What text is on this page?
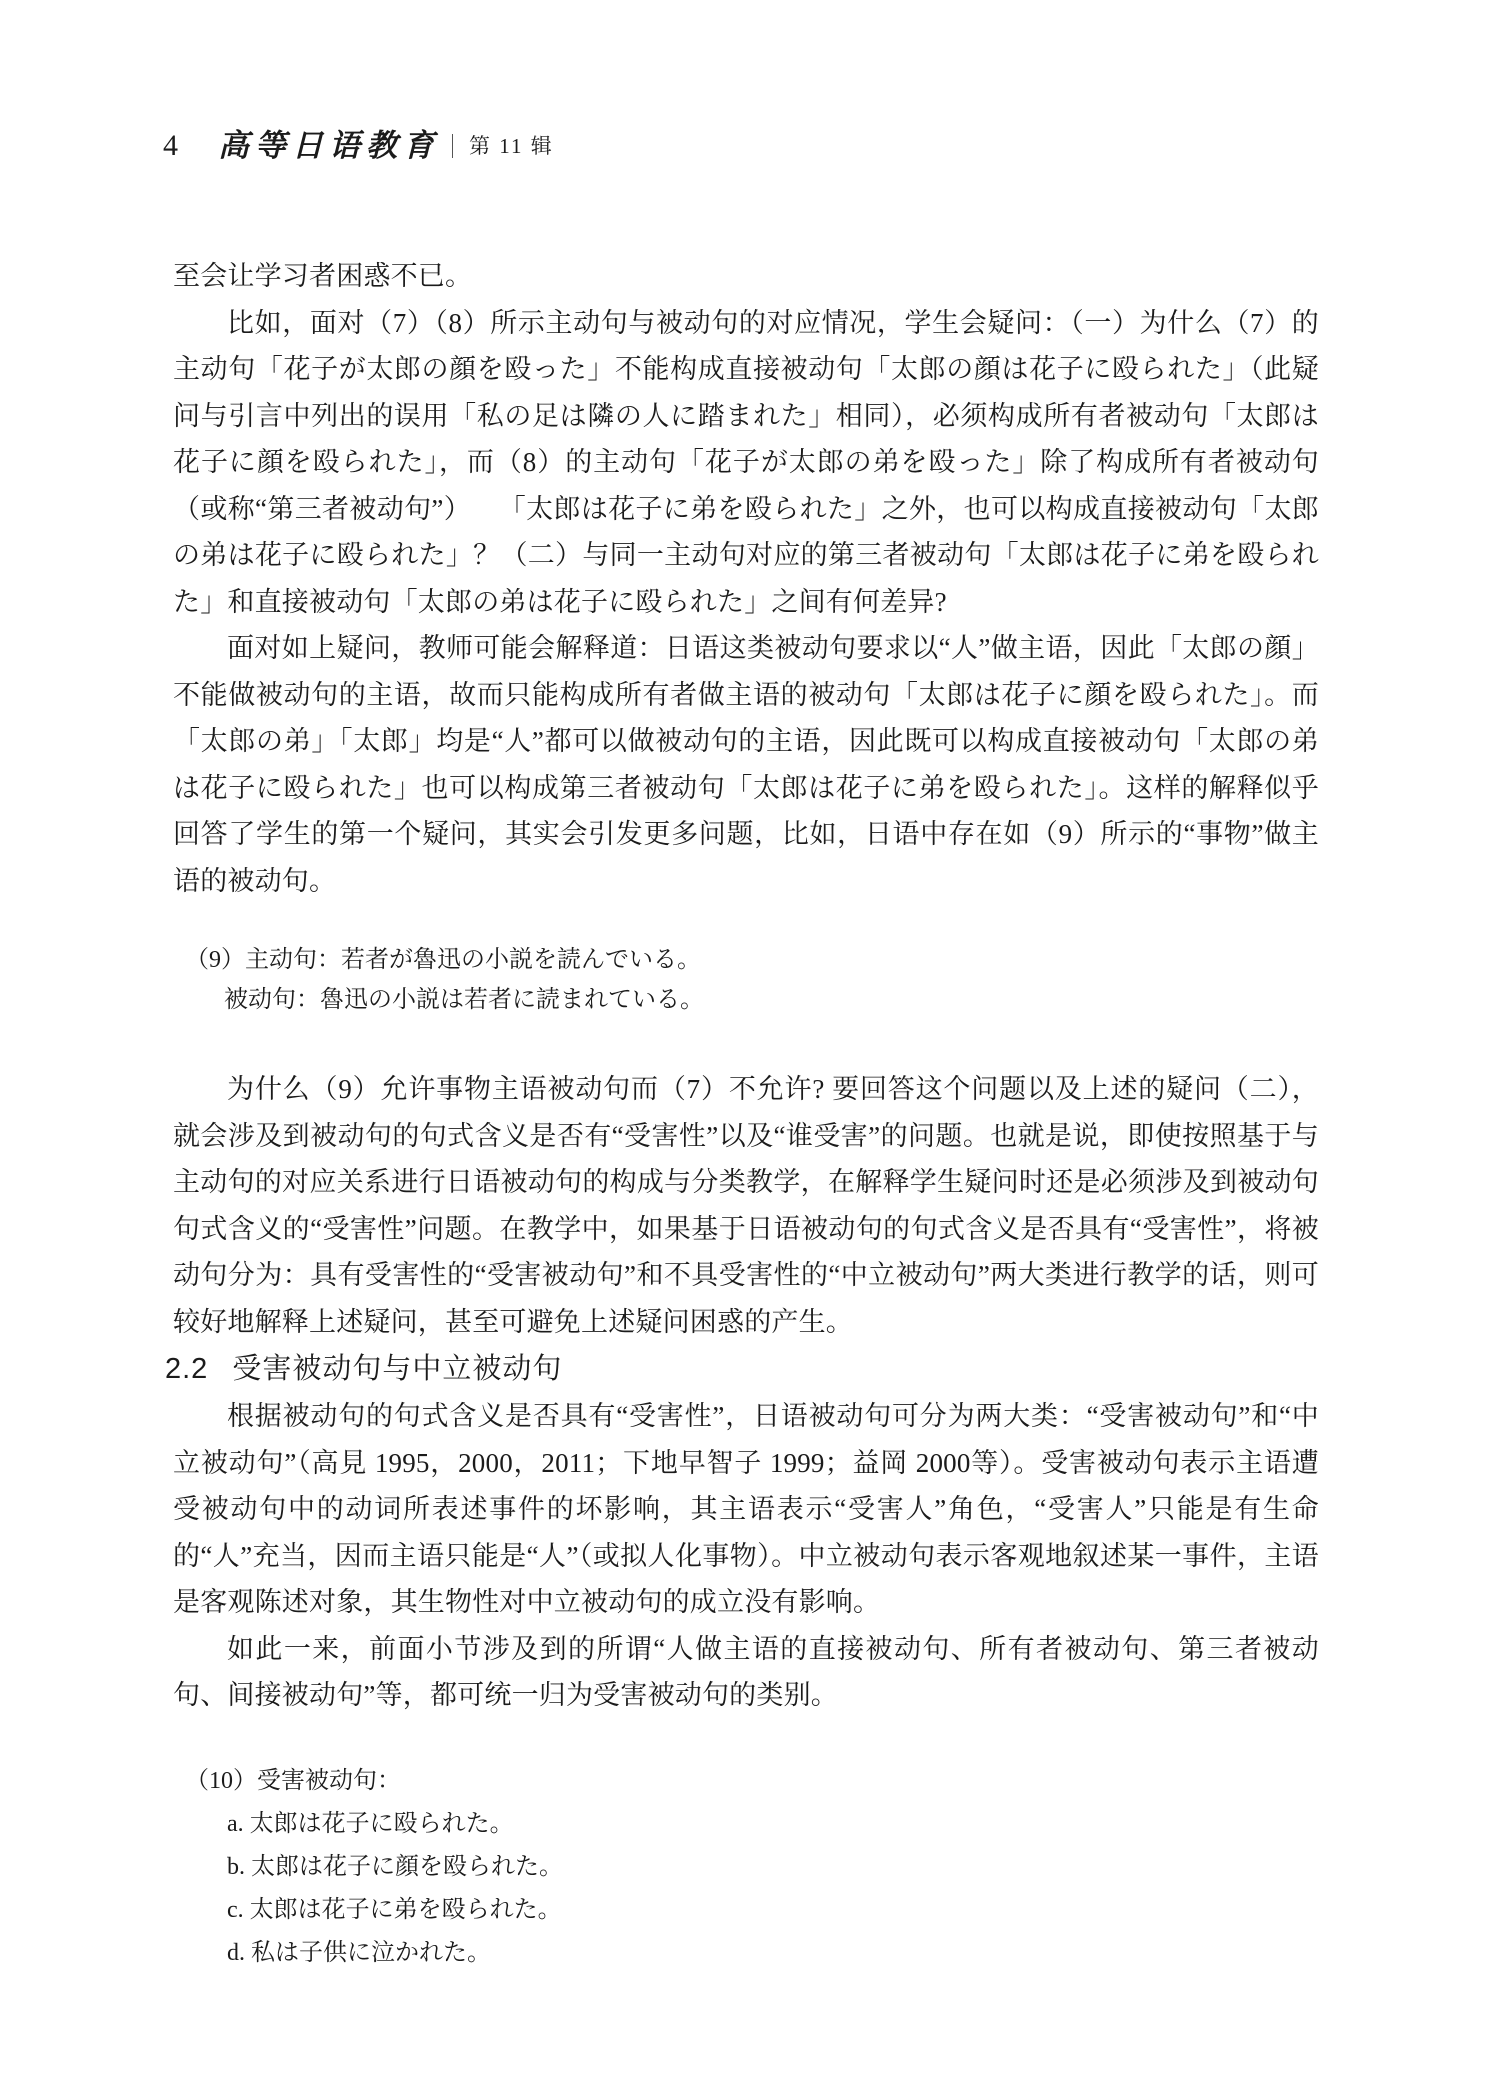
4 高等日语教育 第 11 辑

至会让学习者困惑不已。

比如，面对（7）（8）所示主动句与被动句的对应情况，学生会疑问：（一）为什么（7）的主动句「花子が太郎の顔を殴った」不能构成直接被动句「太郎の顔は花子に殴られた」（此疑问与引言中列出的误用「私の足は隣の人に踏まれた」相同），必须构成所有者被动句「太郎は花子に顔を殴られた」，而（8）的主动句「花子が太郎の弟を殴った」除了构成所有者被动句（或称“第三者被动句”）　　「太郎は花子に弟を殴られた」之外，也可以构成直接被动句「太郎の弟は花子に殴られた」？（二）与同一主动句对应的第三者被动句「太郎は花子に弟を殴られた」和直接被动句「太郎の弟は花子に殴られた」之间有何差异?

面对如上疑问，教师可能会解释道：日语这类被动句要求以“人”做主语，因此「太郎の顔」不能做被动句的主语，故而只能构成所有者做主语的被动句「太郎は花子に顔を殴られた」。而「太郎の弟」「太郎」均是“人”都可以做被动句的主语，因此既可以构成直接被动句「太郎の弟は花子に殴られた」也可以构成第三者被动句「太郎は花子に弟を殴られた」。这样的解释似乎回答了学生的第一个疑问，其实会引发更多问题，比如，日语中存在如（9）所示的“事物”做主语的被动句。

（9）主动句：若者が魯迅の小説を読んでいる。
被动句：魯迅の小説は若者に読まれている。

为什么（9）允许事物主语被动句而（7）不允许? 要回答这个问题以及上述的疑问（二），就会涉及到被动句的句式含义是否有“受害性”以及“谁受害”的问题。也就是说，即使按照基于与主动句的对应关系进行日语被动句的构成与分类教学，在解释学生疑问时还是必须涉及到被动句句式含义的“受害性”问题。在教学中，如果基于日语被动句的句式含义是否具有“受害性”，将被动句分为：具有受害性的“受害被动句”和不具受害性的“中立被动句”两大类进行教学的话，则可较好地解释上述疑问，甚至可避免上述疑问困惑的产生。

2.2 受害被动句与中立被动句

根据被动句的句式含义是否具有“受害性”，日语被动句可分为两大类：“受害被动句”和“中立被动句”（高見 1995，2000，2011；下地早智子 1999；益岡 2000等）。受害被动句表示主语遭受被动句中的动词所表述事件的坏影响，其主语表示“受害人”角色，“受害人”只能是有生命的“人”充当，因而主语只能是“人”（或拟人化事物）。中立被动句表示客观地叙述某一事件，主语是客观陈述对象，其生物性对中立被动句的成立没有影响。

如此一来，前面小节涉及到的所谓“人做主语的直接被动句、所有者被动句、第三者被动句、间接被动句”等，都可统一归为受害被动句的类别。

（10）受害被动句：
a. 太郎は花子に殴られた。
b. 太郎は花子に顔を殴られた。
c. 太郎は花子に弟を殴られた。
d. 私は子供に泣かれた。
